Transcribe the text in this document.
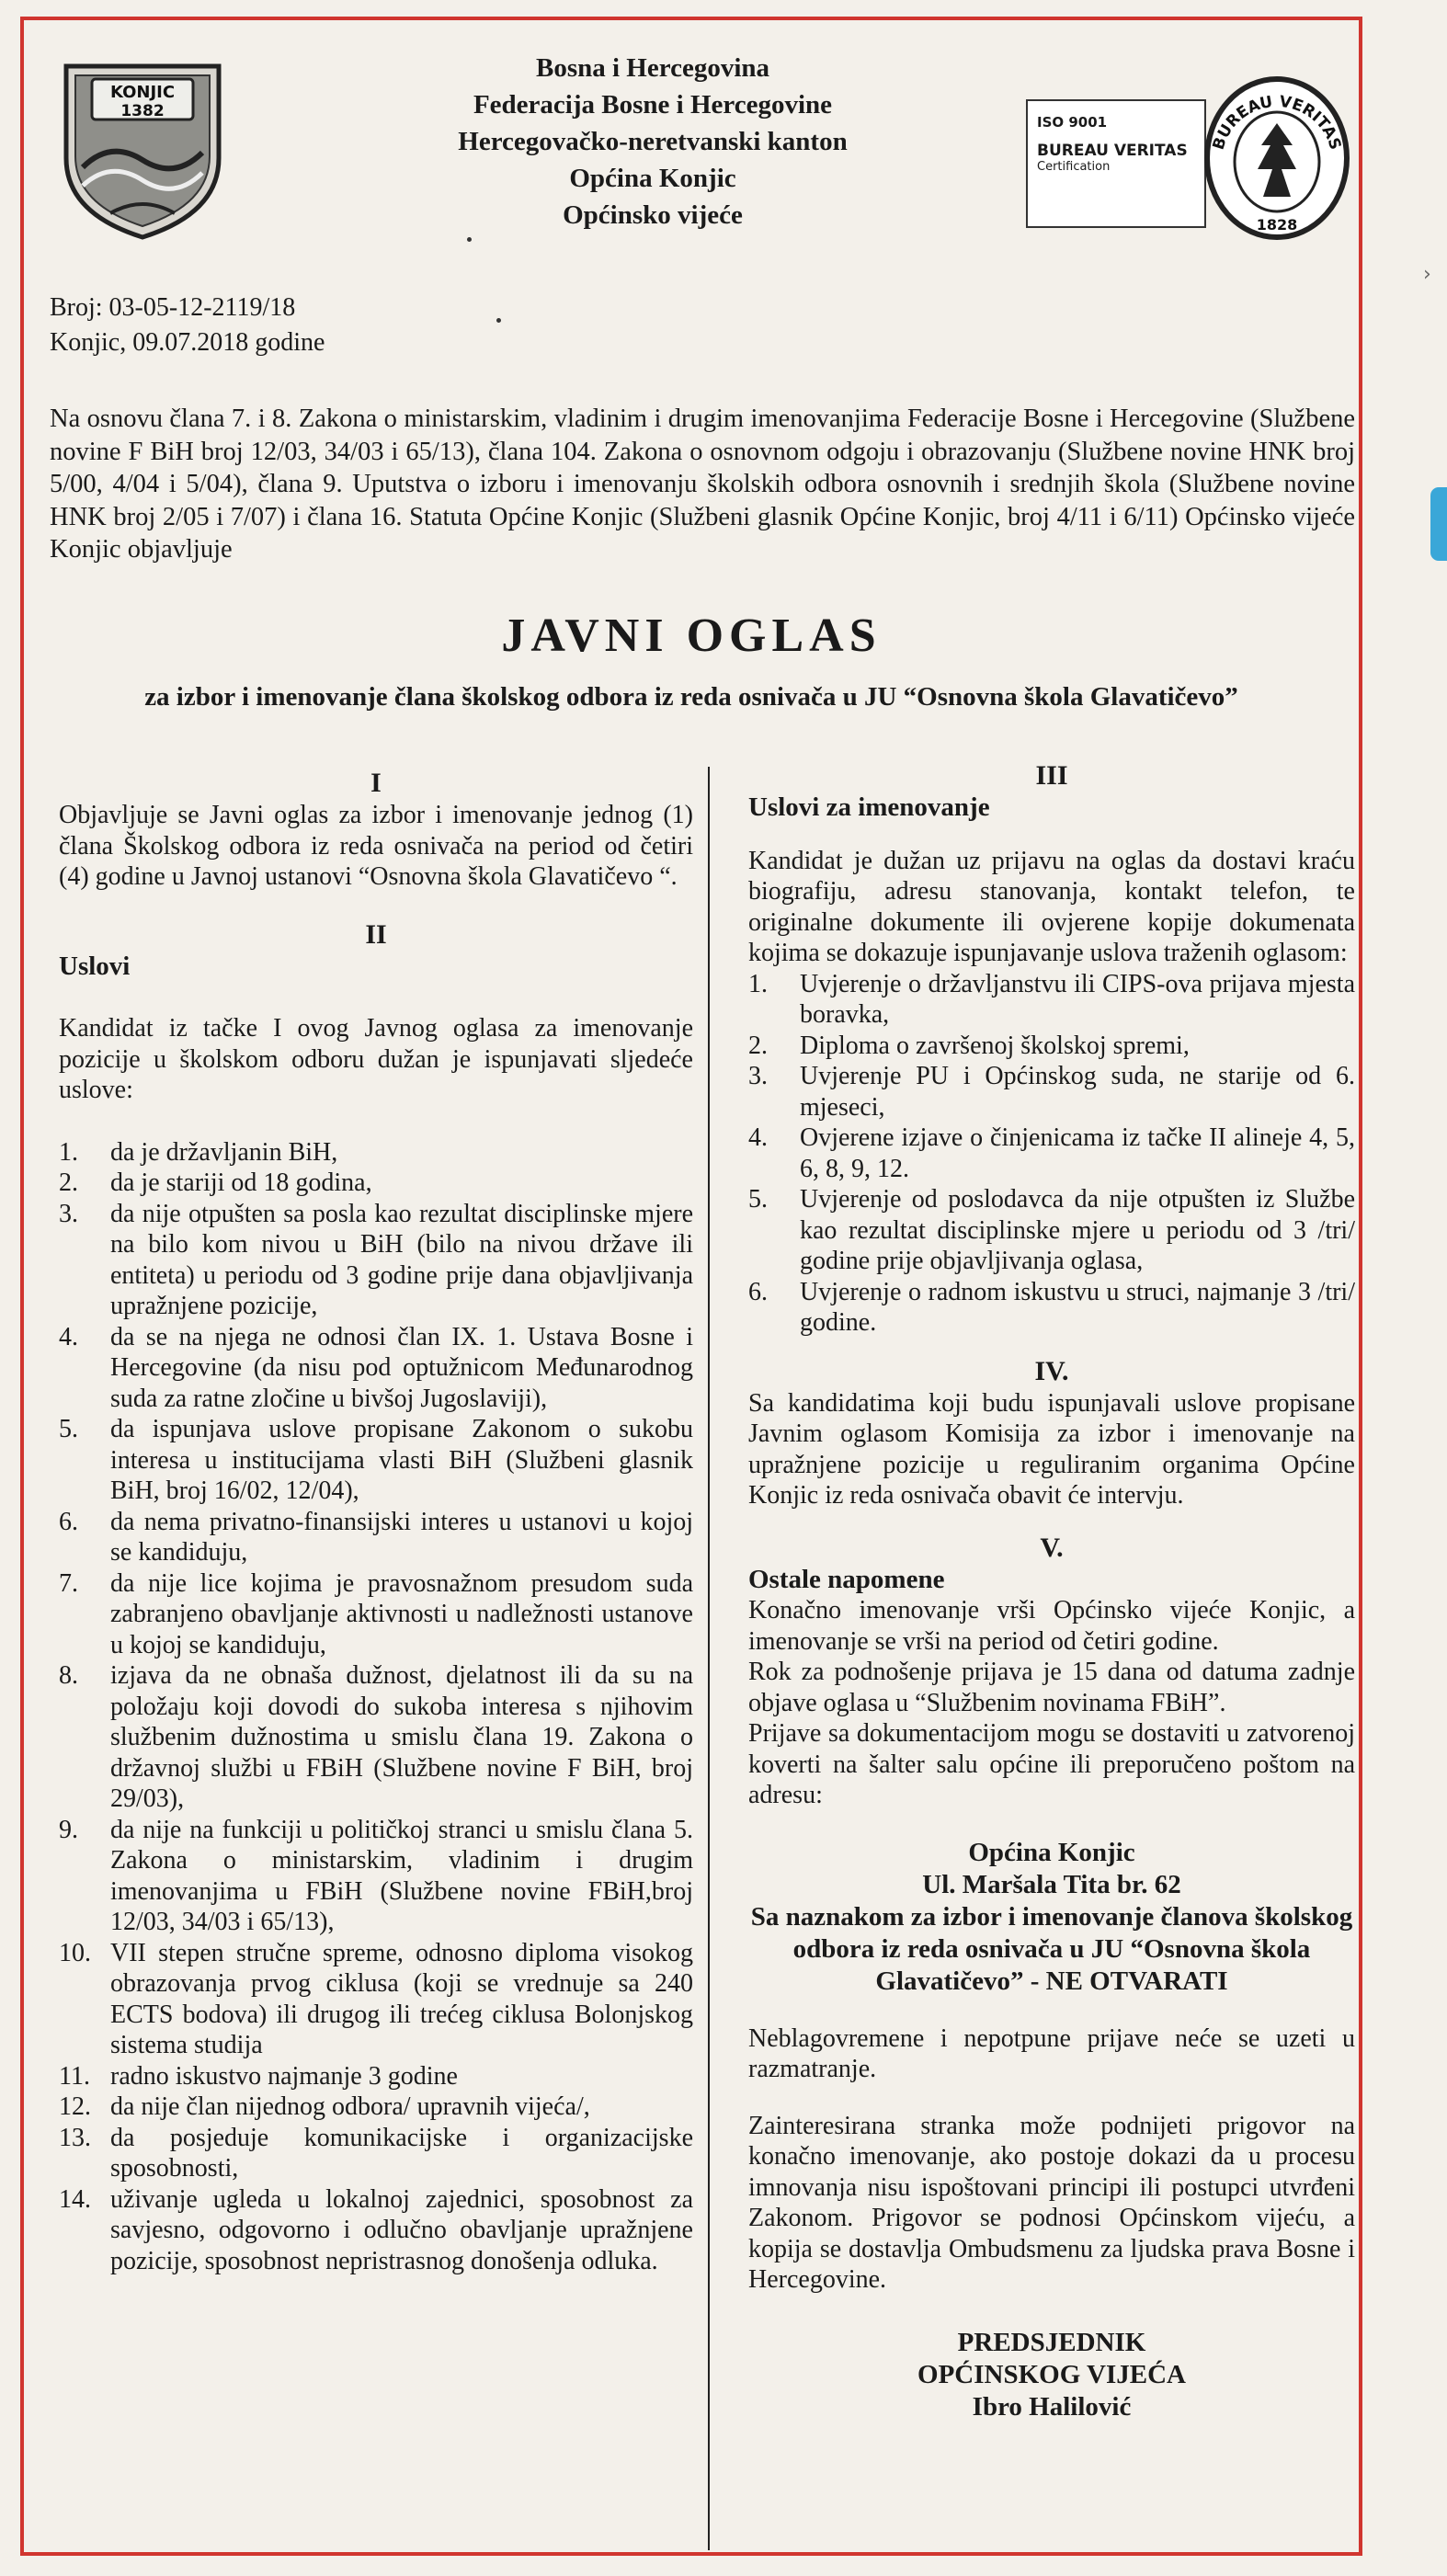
›
KONJIC
1382
Bosna i Hercegovina
Federacija Bosne i Hercegovine
Hercegovačko-neretvanski kanton
Općina Konjic
Općinsko vijeće
ISO 9001
BUREAU VERITAS
Certification
BUREAU VERITAS
1828
Broj: 03-05-12-2119/18
Konjic, 09.07.2018 godine
Na osnovu člana 7. i 8. Zakona o ministarskim, vladinim i drugim imenovanjima Federacije Bosne i Hercegovine (Službene novine F BiH broj 12/03, 34/03 i 65/13), člana 104. Zakona o osnovnom odgoju i obrazovanju (Službene novine HNK broj 5/00, 4/04 i 5/04), člana 9. Uputstva o izboru i imenovanju školskih odbora osnovnih i srednjih škola (Službene novine HNK broj 2/05 i 7/07) i člana 16. Statuta Općine Konjic (Službeni glasnik Općine Konjic, broj 4/11 i 6/11) Općinsko vijeće Konjic objavljuje
JAVNI OGLAS
za izbor i imenovanje člana školskog odbora iz reda osnivača u JU “Osnovna škola Glavatičevo”
I

Objavljuje se Javni oglas za izbor i imenovanje jednog (1) člana Školskog odbora iz reda osnivača na period od četiri (4) godine u Javnoj ustanovi “Osnovna škola Glavatičevo “.

II
Uslovi

Kandidat iz tačke I ovog Javnog oglasa za imenovanje pozicije u školskom odboru dužan je ispunjavati sljedeće uslove:

1.	da je državljanin BiH,
2.	da je stariji od 18 godina,
3.	da nije otpušten sa posla kao rezultat disciplinske mjere na bilo kom nivou u BiH (bilo na nivou države ili entiteta) u periodu od 3 godine prije dana objavljivanja upražnjene pozicije,
4.	da se na njega ne odnosi član IX. 1. Ustava Bosne i Hercegovine (da nisu pod optužnicom Međunarodnog suda za ratne zločine u bivšoj Jugoslaviji),
5.	da ispunjava uslove propisane Zakonom o sukobu interesa u institucijama vlasti BiH (Službeni glasnik BiH, broj 16/02, 12/04),
6.	da nema privatno-finansijski interes u ustanovi u kojoj se kandiduju,
7.	da nije lice kojima je pravosnažnom presudom suda zabranjeno obavljanje aktivnosti u nadležnosti ustanove u kojoj se kandiduju,
8.	izjava da ne obnaša dužnost, djelatnost ili da su na položaju koji dovodi do sukoba interesa s njihovim službenim dužnostima u smislu člana 19. Zakona o državnoj službi u FBiH (Službene novine F BiH, broj 29/03),
9.	da nije na funkciji u političkoj stranci u smislu člana 5. Zakona o ministarskim, vladinim i drugim imenovanjima u FBiH (Službene novine FBiH,broj 12/03, 34/03 i 65/13),
10. VII stepen stručne spreme, odnosno diploma visokog obrazovanja prvog ciklusa (koji se vrednuje sa 240 ECTS bodova) ili drugog ili trećeg ciklusa Bolonjskog sistema studija
11. radno iskustvo najmanje 3 godine
12. da nije član nijednog odbora/ upravnih vijeća/,
13. da posjeduje komunikacijske i organizacijske sposobnosti,
14. uživanje ugleda u lokalnoj zajednici, sposobnost za savjesno, odgovorno i odlučno obavljanje upražnjene pozicije, sposobnost nepristrasnog donošenja odluka.
III
Uslovi za imenovanje

Kandidat je dužan uz prijavu na oglas da dostavi kraću biografiju, adresu stanovanja, kontakt telefon, te originalne dokumente ili ovjerene kopije dokumenata kojima se dokazuje ispunjavanje uslova traženih oglasom:

1.	Uvjerenje o državljanstvu ili CIPS-ova prijava mjesta boravka,
2.	Diploma o završenoj školskoj spremi,
3.	Uvjerenje PU i Općinskog suda, ne starije od 6. mjeseci,
4.	Ovjerene izjave o činjenicama iz tačke II alineje 4, 5, 6, 8, 9, 12.
5.	Uvjerenje od poslodavca da nije otpušten iz Službe kao rezultat disciplinske mjere u periodu od 3 /tri/ godine prije objavljivanja oglasa,
6.	Uvjerenje o radnom iskustvu u struci, najmanje 3 /tri/ godine.
IV.

Sa kandidatima koji budu ispunjavali uslove propisane Javnim oglasom Komisija za izbor i imenovanje na upražnjene pozicije u reguliranim organima Općine Konjic iz reda osnivača obavit će intervju.

V.
Ostale napomene

Konačno imenovanje vrši Općinsko vijeće Konjic, a imenovanje se vrši na period od četiri godine.

Rok za podnošenje prijava je 15 dana od datuma zadnje objave oglasa u “Službenim novinama FBiH”.

Prijave sa dokumentacijom mogu se dostaviti u zatvorenoj koverti na šalter salu općine ili preporučeno poštom na adresu:

Općina Konjic
Ul. Maršala Tita br. 62
Sa naznakom za izbor i imenovanje članova školskog odbora iz reda osnivača u JU “Osnovna škola Glavatičevo” - NE OTVARATI

Neblagovremene i nepotpune prijave neće se uzeti u razmatranje.

Zainteresirana stranka može podnijeti prigovor na konačno imenovanje, ako postoje dokazi da u procesu imnovanja nisu ispoštovani principi ili postupci utvrđeni Zakonom. Prigovor se podnosi Općinskom vijeću, a kopija se dostavlja Ombudsmenu za ljudska prava Bosne i Hercegovine.

PREDSJEDNIK
OPĆINSKOG VIJEĆA
Ibro Halilović
